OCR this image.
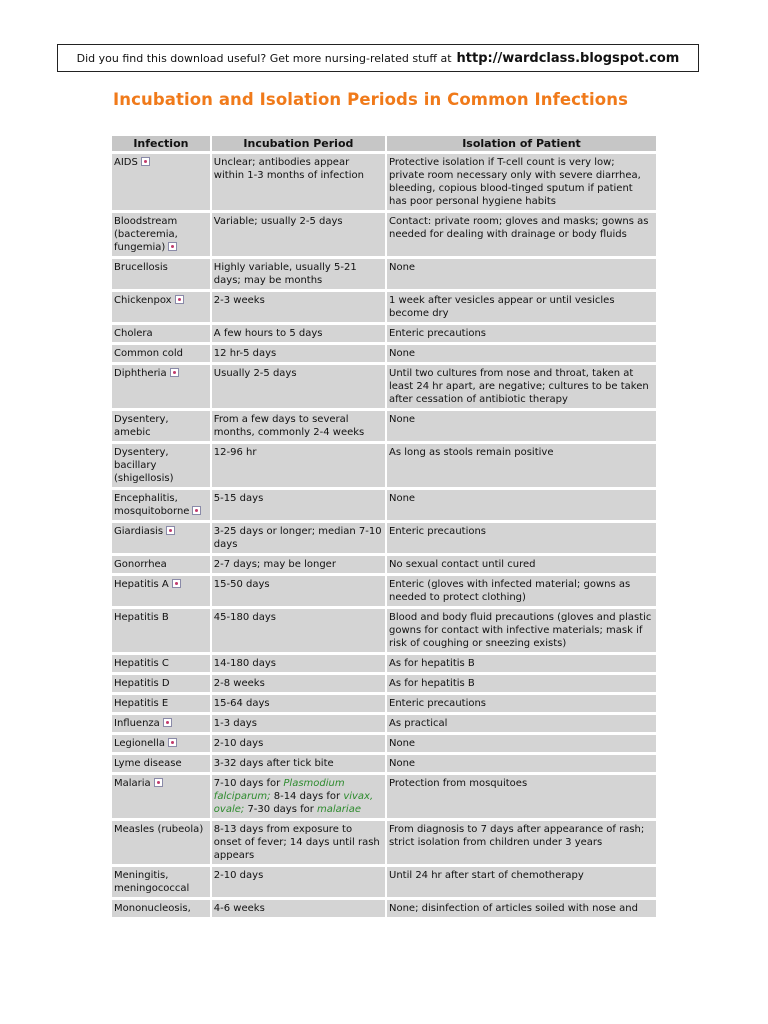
Did you find this download useful? Get more nursing-related stuff at http://wardclass.blogspot.com
Incubation and Isolation Periods in Common Infections
Infection	Incubation Period	Isolation of Patient
AIDS	Unclear; antibodies appear within 1-3 months of infection	Protective isolation if T-cell count is very low; private room necessary only with severe diarrhea, bleeding, copious blood-tinged sputum if patient has poor personal hygiene habits
Bloodstream (bacteremia, fungemia)	Variable; usually 2-5 days	Contact: private room; gloves and masks; gowns as needed for dealing with drainage or body fluids
Brucellosis	Highly variable, usually 5-21 days; may be months	None
Chickenpox	2-3 weeks	1 week after vesicles appear or until vesicles become dry
Cholera	A few hours to 5 days	Enteric precautions
Common cold	12 hr-5 days	None
Diphtheria	Usually 2-5 days	Until two cultures from nose and throat, taken at least 24 hr apart, are negative; cultures to be taken after cessation of antibiotic therapy
Dysentery, amebic	From a few days to several months, commonly 2-4 weeks	None
Dysentery, bacillary (shigellosis)	12-96 hr	As long as stools remain positive
Encephalitis, mosquitoborne	5-15 days	None
Giardiasis	3-25 days or longer; median 7-10 days	Enteric precautions
Gonorrhea	2-7 days; may be longer	No sexual contact until cured
Hepatitis A	15-50 days	Enteric (gloves with infected material; gowns as needed to protect clothing)
Hepatitis B	45-180 days	Blood and body fluid precautions (gloves and plastic gowns for contact with infective materials; mask if risk of coughing or sneezing exists)
Hepatitis C	14-180 days	As for hepatitis B
Hepatitis D	2-8 weeks	As for hepatitis B
Hepatitis E	15-64 days	Enteric precautions
Influenza	1-3 days	As practical
Legionella	2-10 days	None
Lyme disease	3-32 days after tick bite	None
Malaria	7-10 days for Plasmodium falciparum; 8-14 days for vivax, ovale; 7-30 days for malariae	Protection from mosquitoes
Measles (rubeola)	8-13 days from exposure to onset of fever; 14 days until rash appears	From diagnosis to 7 days after appearance of rash; strict isolation from children under 3 years
Meningitis, meningococcal	2-10 days	Until 24 hr after start of chemotherapy
Mononucleosis,	4-6 weeks	None; disinfection of articles soiled with nose and
